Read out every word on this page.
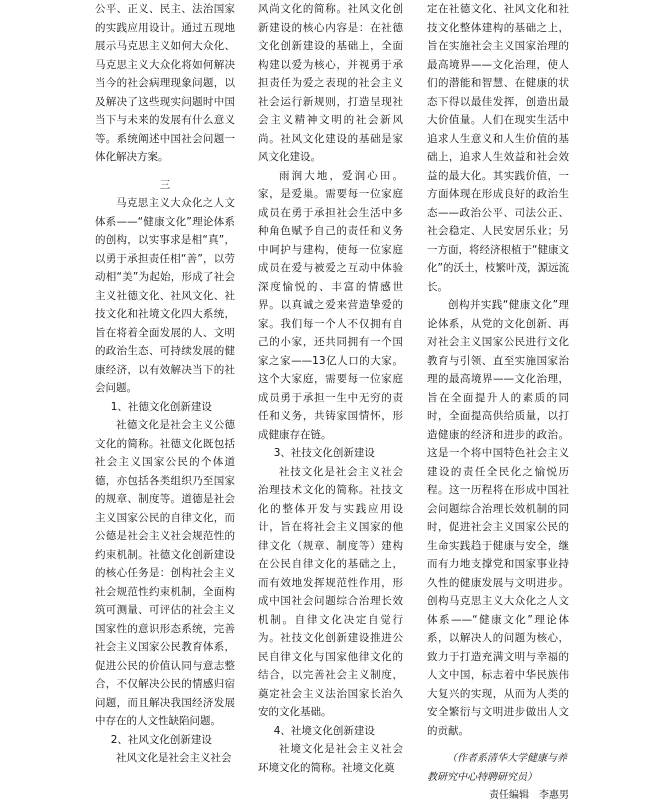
公平、正义、民主、法治国家的实践应用设计。通过五现地展示马克思主义如何大众化、马克思主义大众化将如何解决当今的社会病理现象问题，以及解决了这些现实问题时中国当下与未来的发展有什么意义等。系统阐述中国社会问题一体化解决方案。

三

马克思主义大众化之人文体系——“健康文化”理论体系的创构，以实事求是相“真”，以勇于承担责任相“善”，以劳动相“美”为起始，形成了社会主义社德文化、社风文化、社技文化和社境文化四大系统，旨在将着全面发展的人、文明的政治生态、可持续发展的健康经济，以有效解决当下的社会问题。

1、社德文化创新建设

社德文化是社会主义公德文化的简称。社德文化既包括社会主义国家公民的个体道德，亦包括各类组织乃至国家的规章、制度等。道德是社会主义国家公民的自律文化，而公德是社会主义社会规范性的约束机制。社德文化创新建设的核心任务是：创构社会主义社会规范性约束机制，全面构筑可测量、可评估的社会主义国家性的意识形态系统，完善社会主义国家公民教育体系，促进公民的价值认同与意志整合，不仅解决公民的情感归宿问题，而且解决我国经济发展中存在的人文性缺陷问题。

2、社风文化创新建设

社风文化是社会主义社会

风尚文化的简称。社风文化创新建设的核心内容是：在社德文化创新建设的基础上，全面构建以爱为核心，并视勇于承担责任为爱之表现的社会主义社会运行新规则，打造呈现社会主义精神文明的社会新风尚。社风文化建设的基础是家风文化建设。

雨润大地，爱润心田。家，是爱巢。需要每一位家庭成员在勇于承担社会生活中多种角色赋予自己的责任和义务中呵护与建构，使每一位家庭成员在爱与被爱之互动中体验深度愉悦的、丰富的情感世界。以真诚之爱来营造挚爱的家。我们每一个人不仅拥有自己的小家，还共同拥有一个国家之家——13亿人口的大家。这个大家庭，需要每一位家庭成员勇于承担一生中无穷的责任和义务，共铸家国情怀，形成健康存在链。

3、社技文化创新建设

社技文化是社会主义社会治理技术文化的简称。社技文化的整体开发与实践应用设计，旨在将社会主义国家的他律文化（规章、制度等）建构在公民自律文化的基础之上，而有效地发挥规范性作用，形成中国社会问题综合治理长效机制。自律文化决定自觉行为。社技文化创新建设推进公民自律文化与国家他律文化的结合，以完善社会主义制度，奠定社会主义法治国家长治久安的文化基础。

4、社境文化创新建设

社境文化是社会主义社会环境文化的简称。社境文化奠

定在社德文化、社风文化和社技文化整体建构的基础之上，旨在实施社会主义国家治理的最高境界——文化治理，使人们的潜能和智慧、在健康的状态下得以最佳发挥，创造出最大价值量。人们在现实生活中追求人生意义和人生价值的基础上，追求人生效益和社会效益的最大化。其实践价值，一方面体现在形成良好的政治生态——政治公平、司法公正、社会稳定、人民安居乐业；另一方面，将经济根植于“健康文化”的沃土，枝繁叶茂，源远流长。

创构并实践“健康文化”理论体系，从党的文化创新、再对社会主义国家公民进行文化教育与引领、直至实施国家治理的最高境界——文化治理，旨在全面提升人的素质的同时，全面提高供给质量，以打造健康的经济和进步的政治。这是一个将中国特色社会主义建设的责任全民化之愉悦历程。这一历程将在形成中国社会问题综合治理长效机制的同时，促进社会主义国家公民的生命实践趋于健康与安全，继而有力地支撑党和国家事业持久性的健康发展与文明进步。创构马克思主义大众化之人文体系——“健康文化”理论体系，以解决人的问题为核心，致力于打造充满文明与幸福的人文中国，标志着中华民族伟大复兴的实现，从而为人类的安全繁衍与文明进步做出人文的贡献。

（作者系清华大学健康与养教研究中心特聘研究员）

责任编辑　李惠男
